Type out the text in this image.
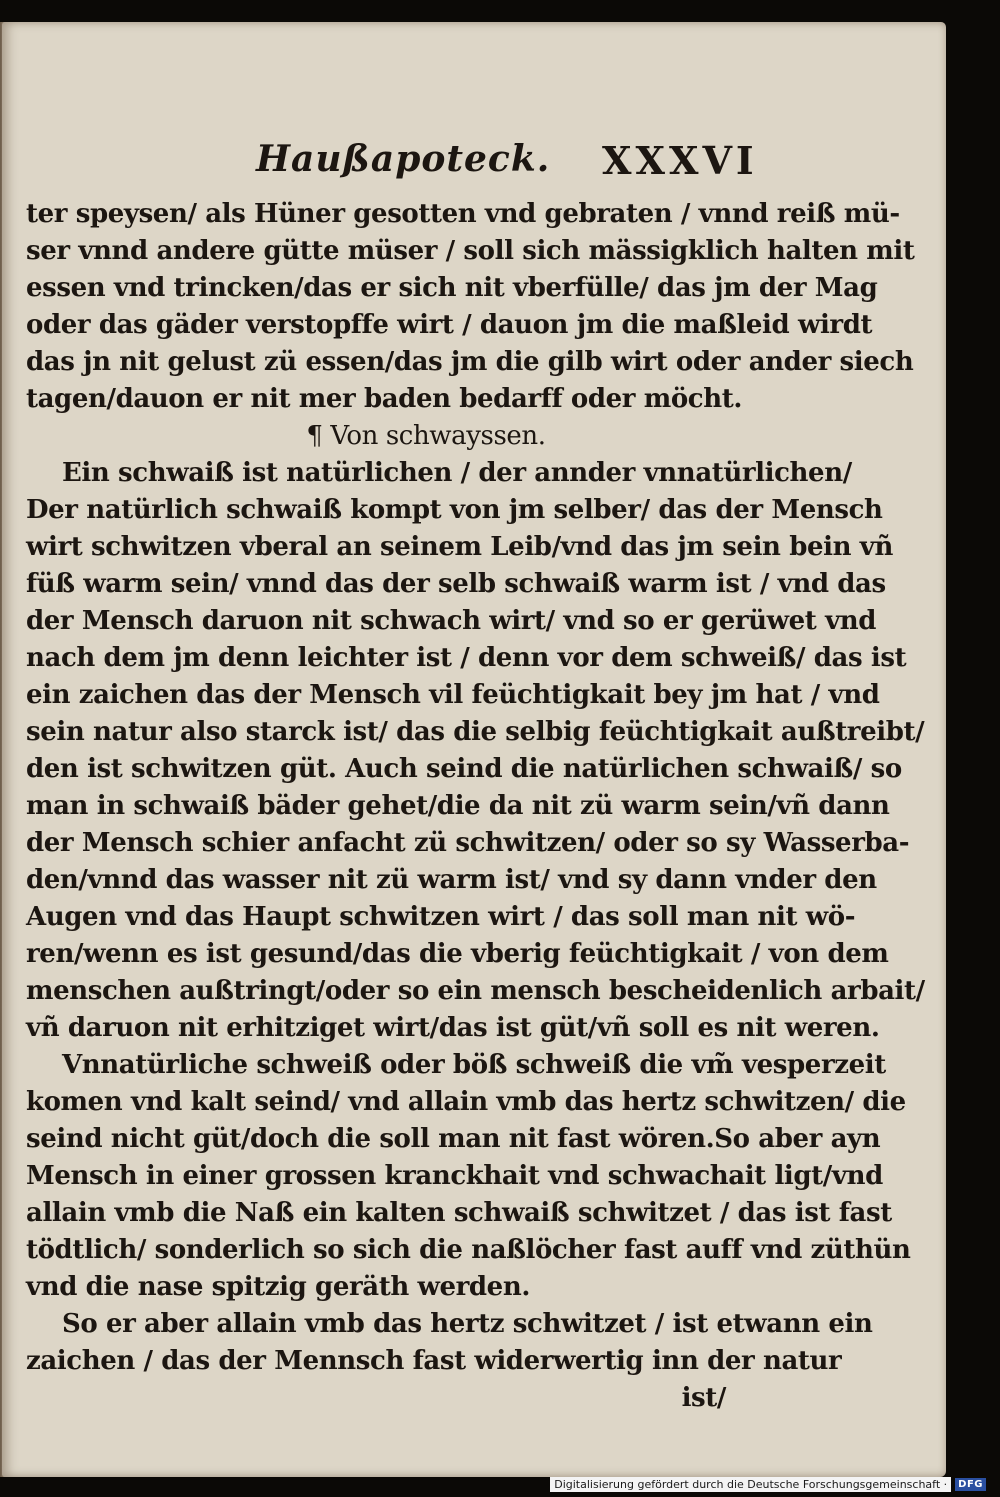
Haußapoteck. XXXVI
ter speysen/ als Hüner gesotten vnd gebraten / vnnd reiß mü-
ser vnnd andere gütte müser / soll sich mässigklich halten mit
essen vnd trincken/das er sich nit vberfülle/ das jm der Mag
oder das gäder verstopffe wirt / dauon jm die maßleid wirdt
das jn nit gelust zü essen/das jm die gilb wirt oder ander siech
tagen/dauon er nit mer baden bedarff oder möcht.
¶ Von schwayssen.
Ein schwaiß ist natürlichen / der annder vnnatürlichen/
Der natürlich schwaiß kompt von jm selber/ das der Mensch
wirt schwitzen vberal an seinem Leib/vnd das jm sein bein vñ
füß warm sein/ vnnd das der selb schwaiß warm ist / vnd das
der Mensch daruon nit schwach wirt/ vnd so er gerüwet vnd
nach dem jm denn leichter ist / denn vor dem schweiß/ das ist
ein zaichen das der Mensch vil feüchtigkait bey jm hat / vnd
sein natur also starck ist/ das die selbig feüchtigkait außtreibt/
den ist schwitzen güt. Auch seind die natürlichen schwaiß/ so
man in schwaiß bäder gehet/die da nit zü warm sein/vñ dann
der Mensch schier anfacht zü schwitzen/ oder so sy Wasserba-
den/vnnd das wasser nit zü warm ist/ vnd sy dann vnder den
Augen vnd das Haupt schwitzen wirt / das soll man nit wö-
ren/wenn es ist gesund/das die vberig feüchtigkait / von dem
menschen außtringt/oder so ein mensch bescheidenlich arbait/
vñ daruon nit erhitziget wirt/das ist güt/vñ soll es nit weren.
Vnnatürliche schweiß oder böß schweiß die vm̃ vesperzeit
komen vnd kalt seind/ vnd allain vmb das hertz schwitzen/ die
seind nicht güt/doch die soll man nit fast wören.So aber ayn
Mensch in einer grossen kranckhait vnd schwachait ligt/vnd
allain vmb die Naß ein kalten schwaiß schwitzet / das ist fast
tödtlich/ sonderlich so sich die naßlöcher fast auff vnd züthün
vnd die nase spitzig geräth werden.
So er aber allain vmb das hertz schwitzet / ist etwann ein
zaichen / das der Mennsch fast widerwertig inn der natur
ist/
Digitalisierung gefördert durch die Deutsche Forschungsgemeinschaft ·	DFG
